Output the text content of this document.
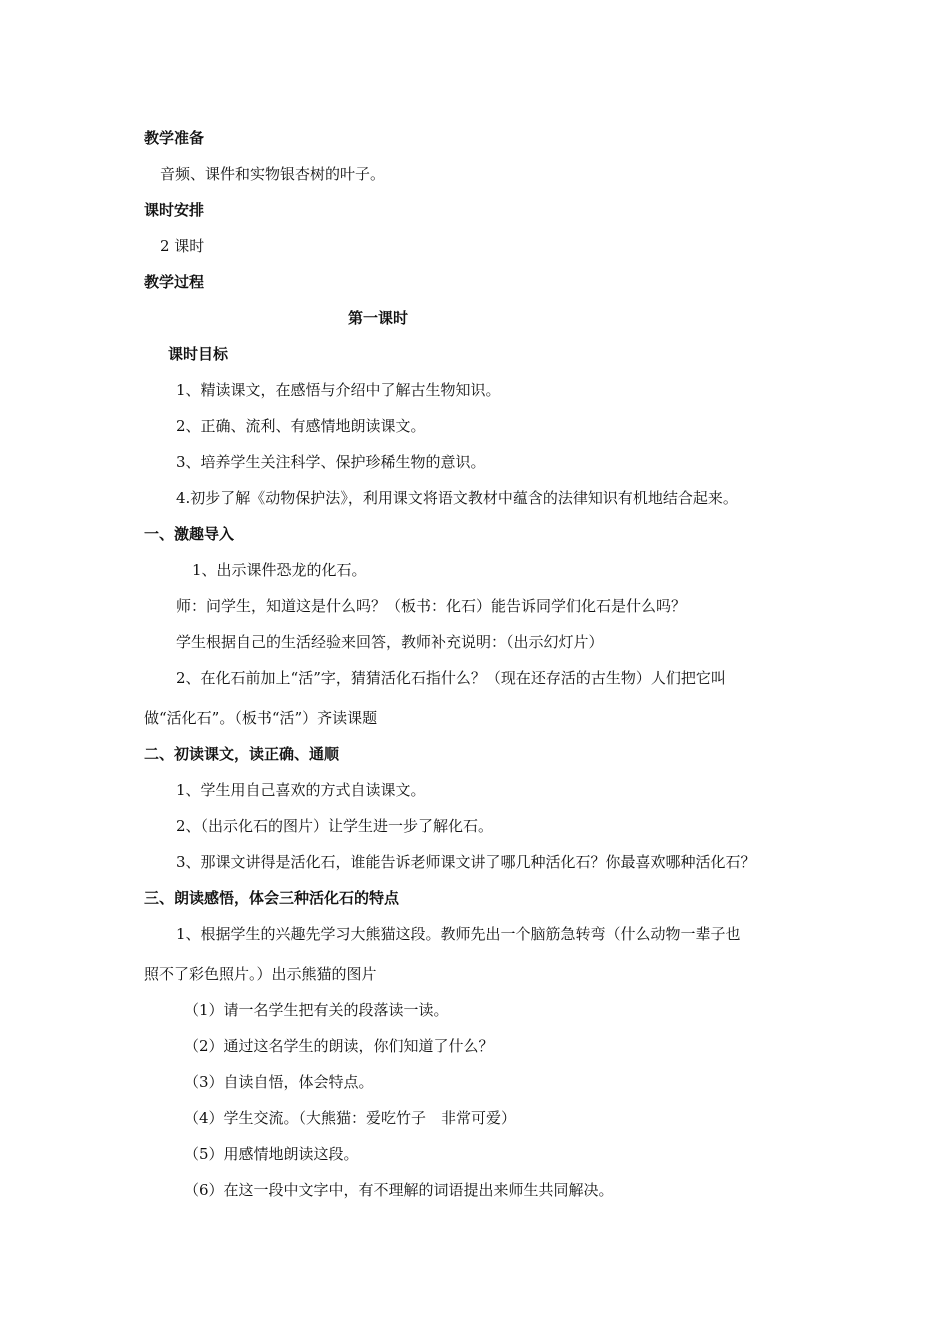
教学准备
音频、课件和实物银杏树的叶子。
课时安排
2 课时
教学过程
第一课时
课时目标
1、精读课文，在感悟与介绍中了解古生物知识。
2、正确、流利、有感情地朗读课文。
3、培养学生关注科学、保护珍稀生物的意识。
4.初步了解《动物保护法》，利用课文将语文教材中蕴含的法律知识有机地结合起来。
一、激趣导入
1、出示课件恐龙的化石。
师：问学生，知道这是什么吗？（板书：化石）能告诉同学们化石是什么吗？
学生根据自己的生活经验来回答，教师补充说明：（出示幻灯片）
2、在化石前加上“活”字，猜猜活化石指什么？（现在还存活的古生物）人们把它叫
做“活化石”。（板书“活”）齐读课题
二、初读课文，读正确、通顺
1、学生用自己喜欢的方式自读课文。
2、（出示化石的图片）让学生进一步了解化石。
3、那课文讲得是活化石，谁能告诉老师课文讲了哪几种活化石？你最喜欢哪种活化石？
三、朗读感悟，体会三种活化石的特点
1、根据学生的兴趣先学习大熊猫这段。教师先出一个脑筋急转弯（什么动物一辈子也
照不了彩色照片。）出示熊猫的图片
（1）请一名学生把有关的段落读一读。
（2）通过这名学生的朗读，你们知道了什么？
（3）自读自悟，体会特点。
（4）学生交流。（大熊猫：爱吃竹子　非常可爱）
（5）用感情地朗读这段。
（6）在这一段中文字中，有不理解的词语提出来师生共同解决。
